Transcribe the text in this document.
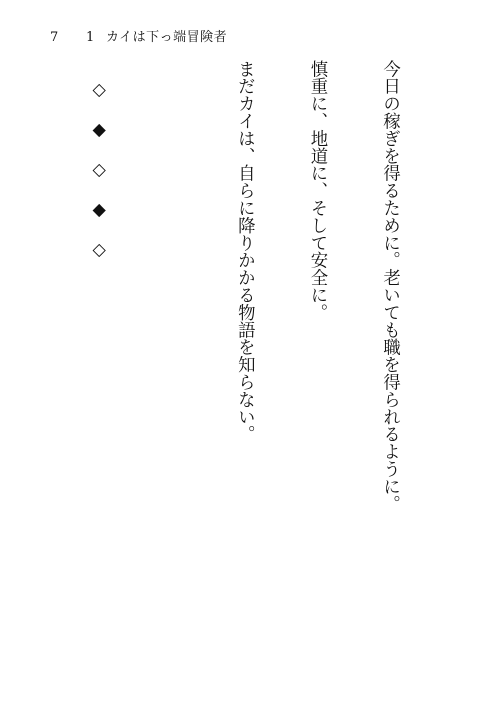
7 1 カイは下っ端冒険者

今日の稼ぎを得るために。老いても職を得られるように。

慎重に、地道に、そして安全に。

まだカイは、自らに降りかかる物語を知らない。

◇◆◇◆◇
